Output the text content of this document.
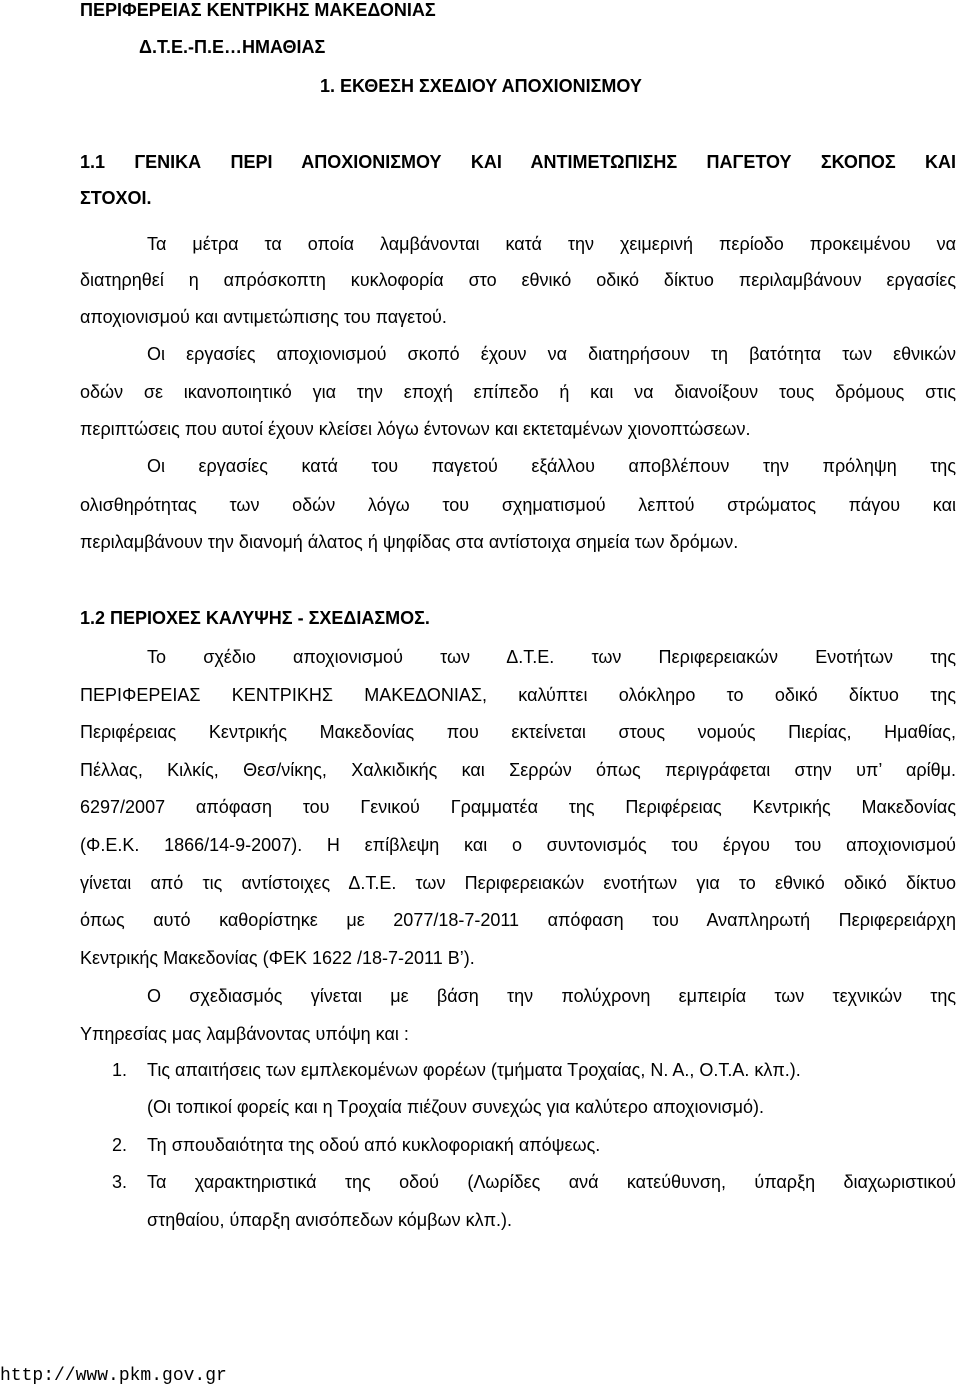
ΠΕΡΙΦΕΡΕΙΑΣ ΚΕΝΤΡΙΚΗΣ ΜΑΚΕΔΟΝΙΑΣ
Δ.Τ.Ε.-Π.Ε…ΗΜΑΘΙΑΣ
1. ΕΚΘΕΣΗ ΣΧΕΔΙΟΥ ΑΠΟΧΙΟΝΙΣΜΟΥ
1.1 ΓΕΝΙΚΑ ΠΕΡΙ ΑΠΟΧΙΟΝΙΣΜΟΥ ΚΑΙ ΑΝΤΙΜΕΤΩΠΙΣΗΣ ΠΑΓΕΤΟΥ ΣΚΟΠΟΣ ΚΑΙ
ΣΤΟΧΟΙ.
Τα μέτρα τα οποία λαμβάνονται κατά την χειμερινή περίοδο προκειμένου να
διατηρηθεί η απρόσκοπτη κυκλοφορία στο εθνικό οδικό δίκτυο περιλαμβάνουν εργασίες
αποχιονισμού και αντιμετώπισης του παγετού.
Οι εργασίες αποχιονισμού σκοπό έχουν να διατηρήσουν τη βατότητα των εθνικών
οδών σε ικανοποιητικό για την εποχή επίπεδο ή και να διανοίξουν τους δρόμους στις
περιπτώσεις που αυτοί έχουν κλείσει λόγω έντονων και εκτεταμένων χιονοπτώσεων.
Οι εργασίες κατά του παγετού εξάλλου αποβλέπουν την πρόληψη της
ολισθηρότητας των οδών λόγω του σχηματισμού λεπτού στρώματος πάγου και
περιλαμβάνουν την διανομή άλατος ή ψηφίδας στα αντίστοιχα σημεία των δρόμων.
1.2 ΠΕΡΙΟΧΕΣ ΚΑΛΥΨΗΣ - ΣΧΕΔΙΑΣΜΟΣ.
Το σχέδιο αποχιονισμού των Δ.Τ.Ε. των Περιφερειακών Ενοτήτων της
ΠΕΡΙΦΕΡΕΙΑΣ ΚΕΝΤΡΙΚΗΣ ΜΑΚΕΔΟΝΙΑΣ, καλύπτει ολόκληρο το οδικό δίκτυο της
Περιφέρειας Κεντρικής Μακεδονίας που εκτείνεται στους νομούς Πιερίας, Ημαθίας,
Πέλλας, Κιλκίς, Θεσ/νίκης, Χαλκιδικής και Σερρών όπως περιγράφεται στην υπ’ αρίθμ.
6297/2007 απόφαση του Γενικού Γραμματέα της Περιφέρειας Κεντρικής Μακεδονίας
(Φ.Ε.Κ. 1866/14-9-2007). Η επίβλεψη και ο συντονισμός του έργου του αποχιονισμού
γίνεται από τις αντίστοιχες Δ.Τ.Ε. των Περιφερειακών ενοτήτων για το εθνικό οδικό δίκτυο
όπως αυτό καθορίστηκε με 2077/18-7-2011 απόφαση του Αναπληρωτή Περιφερειάρχη
Κεντρικής Μακεδονίας (ΦΕΚ 1622 /18-7-2011 Β’).
Ο σχεδιασμός γίνεται με βάση την πολύχρονη εμπειρία των τεχνικών της
Υπηρεσίας μας λαμβάνοντας υπόψη και :
1. Τις απαιτήσεις των εμπλεκομένων φορέων (τμήματα Τροχαίας, Ν. Α., Ο.Τ.Α. κλπ.).
(Οι τοπικοί φορείς και η Τροχαία πιέζουν συνεχώς για καλύτερο αποχιονισμό).
2. Τη σπουδαιότητα της οδού από κυκλοφοριακή απόψεως.
3. Τα χαρακτηριστικά της οδού (Λωρίδες ανά κατεύθυνση, ύπαρξη διαχωριστικού
στηθαίου, ύπαρξη ανισόπεδων κόμβων κλπ.).
http://www.pkm.gov.gr
